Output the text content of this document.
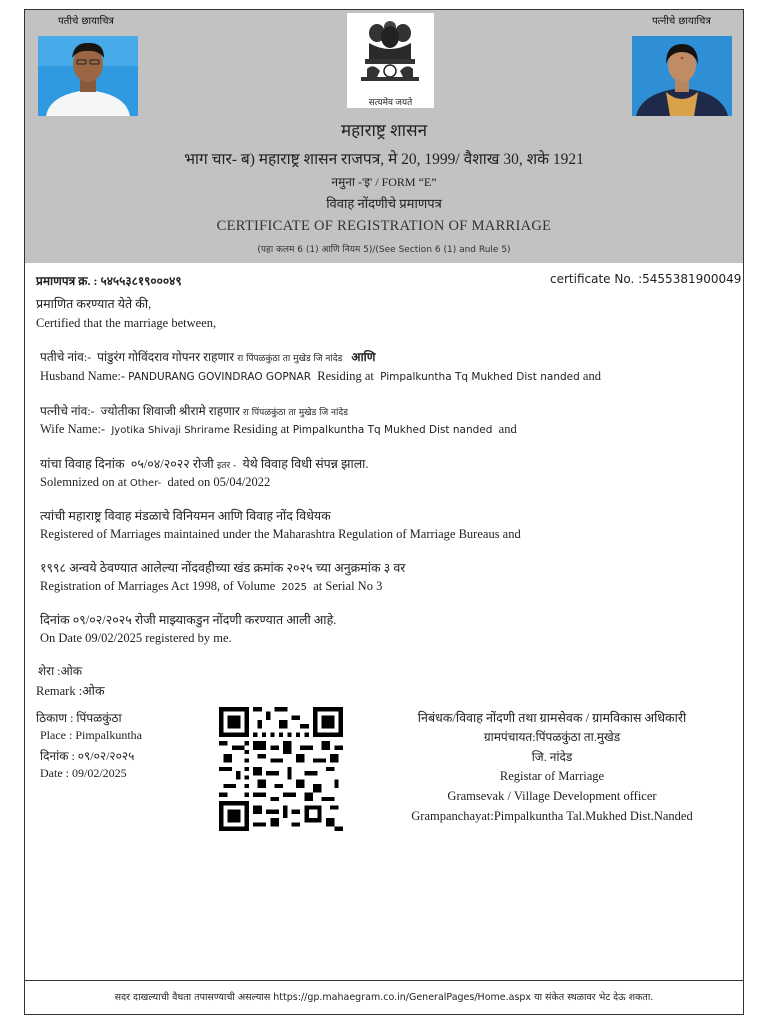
पतीचे छायाचित्र
सत्यमेव जयते
पत्नीचे छायाचित्र
महाराष्ट्र शासन
भाग चार- ब) महाराष्ट्र शासन राजपत्र, मे 20, 1999/ वैशाख 30, शके 1921
नमुना -'इ' / FORM “E”
विवाह नोंदणीचे प्रमाणपत्र
CERTIFICATE OF REGISTRATION OF MARRIAGE
(पहा कलम 6 (1) आणि नियम 5)/(See Section 6 (1) and Rule 5)
प्रमाणपत्र क्र. : ५४५५३८१९०००४९	certificate No. :5455381900049
प्रमाणित करण्यात येते की,
Certified that the marriage between,
पतीचे नांव:- पांडुरंग गोविंदराव गोपनर राहणार रा पिंपळकुंठा ता मुखेड जि नांदेड आणि
Husband Name:- PANDURANG GOVINDRAO GOPNAR Residing at Pimpalkuntha Tq Mukhed Dist nanded and
पत्नीचे नांव:- ज्योतीका शिवाजी श्रीरामे राहणार रा पिंपळकुंठा ता मुखेड जि नांदेड
Wife Name:- Jyotika Shivaji Shrirame Residing at Pimpalkuntha Tq Mukhed Dist nanded and
यांचा विवाह दिनांक ०५/०४/२०२२ रोजी इतर - येथे विवाह विधी संपन्न झाला.
Solemnized on at Other- dated on 05/04/2022
त्यांची महाराष्ट्र विवाह मंडळाचे विनियमन आणि विवाह नोंद विधेयक
Registered of Marriages maintained under the Maharashtra Regulation of Marriage Bureaus and
१९९८ अन्वये ठेवण्यात आलेल्या नोंदवहीच्या खंड क्रमांक २०२५ च्या अनुक्रमांक ३ वर
Registration of Marriages Act 1998, of Volume 2025 at Serial No 3
दिनांक ०९/०२/२०२५ रोजी माझ्याकडुन नोंदणी करण्यात आली आहे.
On Date 09/02/2025 registered by me.
शेरा :ओक
Remark :ओक
ठिकाण : पिंपळकुंठा
Place : Pimpalkuntha
दिनांक : ०९/०२/२०२५
Date : 09/02/2025
निबंधक/विवाह नोंदणी तथा ग्रामसेवक / ग्रामविकास अधिकारी
ग्रामपंचायत:पिंपळकुंठा ता.मुखेड
जि. नांदेड
Registar of Marriage
Gramsevak / Village Development officer
Grampanchayat:Pimpalkuntha Tal.Mukhed Dist.Nanded
सदर दाखल्याची वैधता तपासण्याची असल्यास https://gp.mahaegram.co.in/GeneralPages/Home.aspx या संकेत स्थळावर भेट देऊ शकता.
